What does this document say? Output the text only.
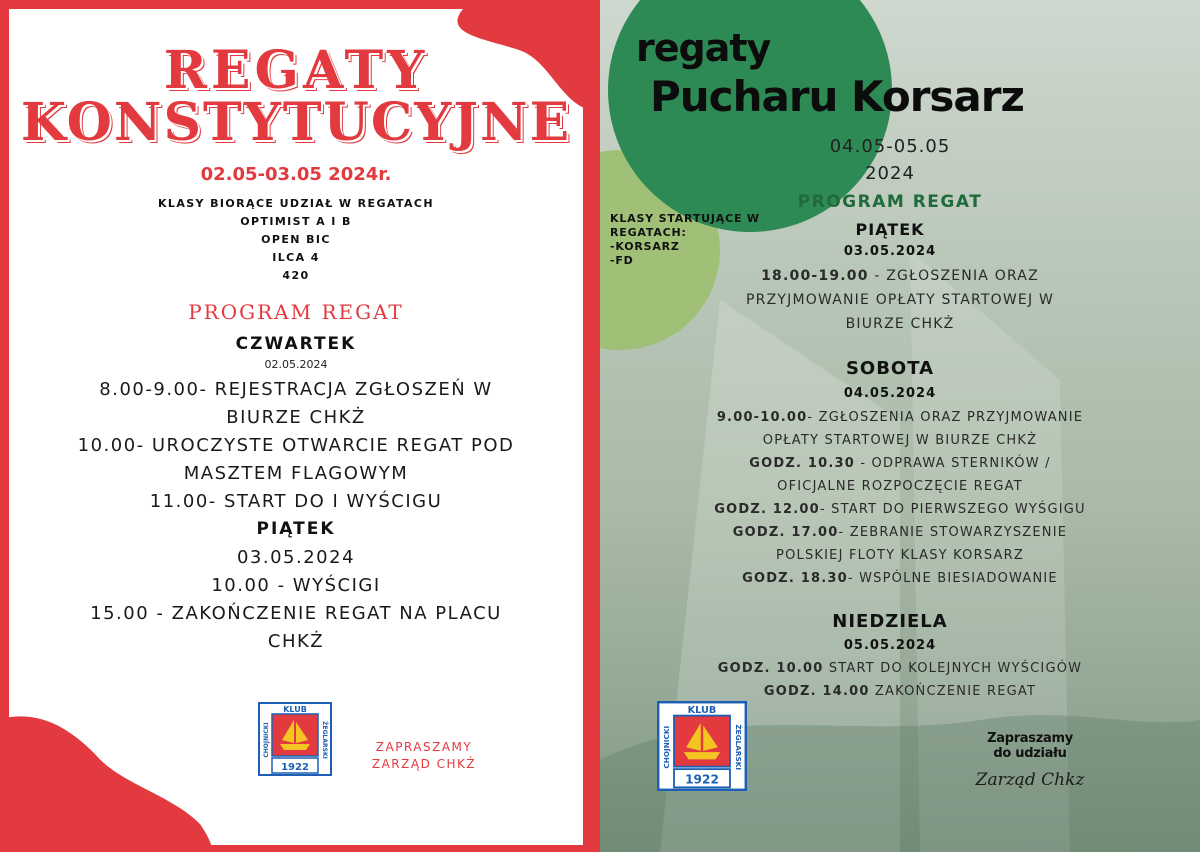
REGATY
KONSTYTUCYJNE
02.05-03.05 2024r.
KLASY BIORĄCE UDZIAŁ W REGATACH
OPTIMIST A I B
OPEN BIC
ILCA 4
420
PROGRAM REGAT
CZWARTEK
02.05.2024
8.00-9.00- REJESTRACJA ZGŁOSZEŃ W
BIURZE CHKŻ
10.00- UROCZYSTE OTWARCIE REGAT POD
MASZTEM FLAGOWYM
11.00- START DO I WYŚCIGU
PIĄTEK
03.05.2024
10.00 - WYŚCIGI
15.00 - ZAKOŃCZENIE REGAT NA PLACU
CHKŻ
KLUB
1922
CHOJNICKI	ŻEGLARSKI	ZAPRASZAMY
ZARZĄD CHKŻ
regaty
Pucharu Korsarz
04.05-05.05
2024
PROGRAM REGAT
KLASY STARTUJĄCE W
REGATACH:
-KORSARZ
-FD
PIĄTEK
03.05.2024
18.00-19.00 - ZGŁOSZENIA ORAZ
PRZYJMOWANIE OPŁATY STARTOWEJ W
BIURZE CHKŻ
SOBOTA
04.05.2024
9.00-10.00- ZGŁOSZENIA ORAZ PRZYJMOWANIE
OPŁATY STARTOWEJ W BIURZE CHKŻ
GODZ. 10.30 - ODPRAWA STERNIKÓW /
OFICJALNE ROZPOCZĘCIE REGAT
GODZ. 12.00- START DO PIERWSZEGO WYŚGIGU
GODZ. 17.00- ZEBRANIE STOWARZYSZENIE
POLSKIEJ FLOTY KLASY KORSARZ
GODZ. 18.30- WSPÓLNE BIESIADOWANIE
NIEDZIELA
05.05.2024
GODZ. 10.00 START DO KOLEJNYCH WYŚCIGÓW
GODZ. 14.00 ZAKOŃCZENIE REGAT
KLUB
1922
CHOJNICKI	ŻEGLARSKI	Zapraszamy
do udziału
Zarząd Chkz
